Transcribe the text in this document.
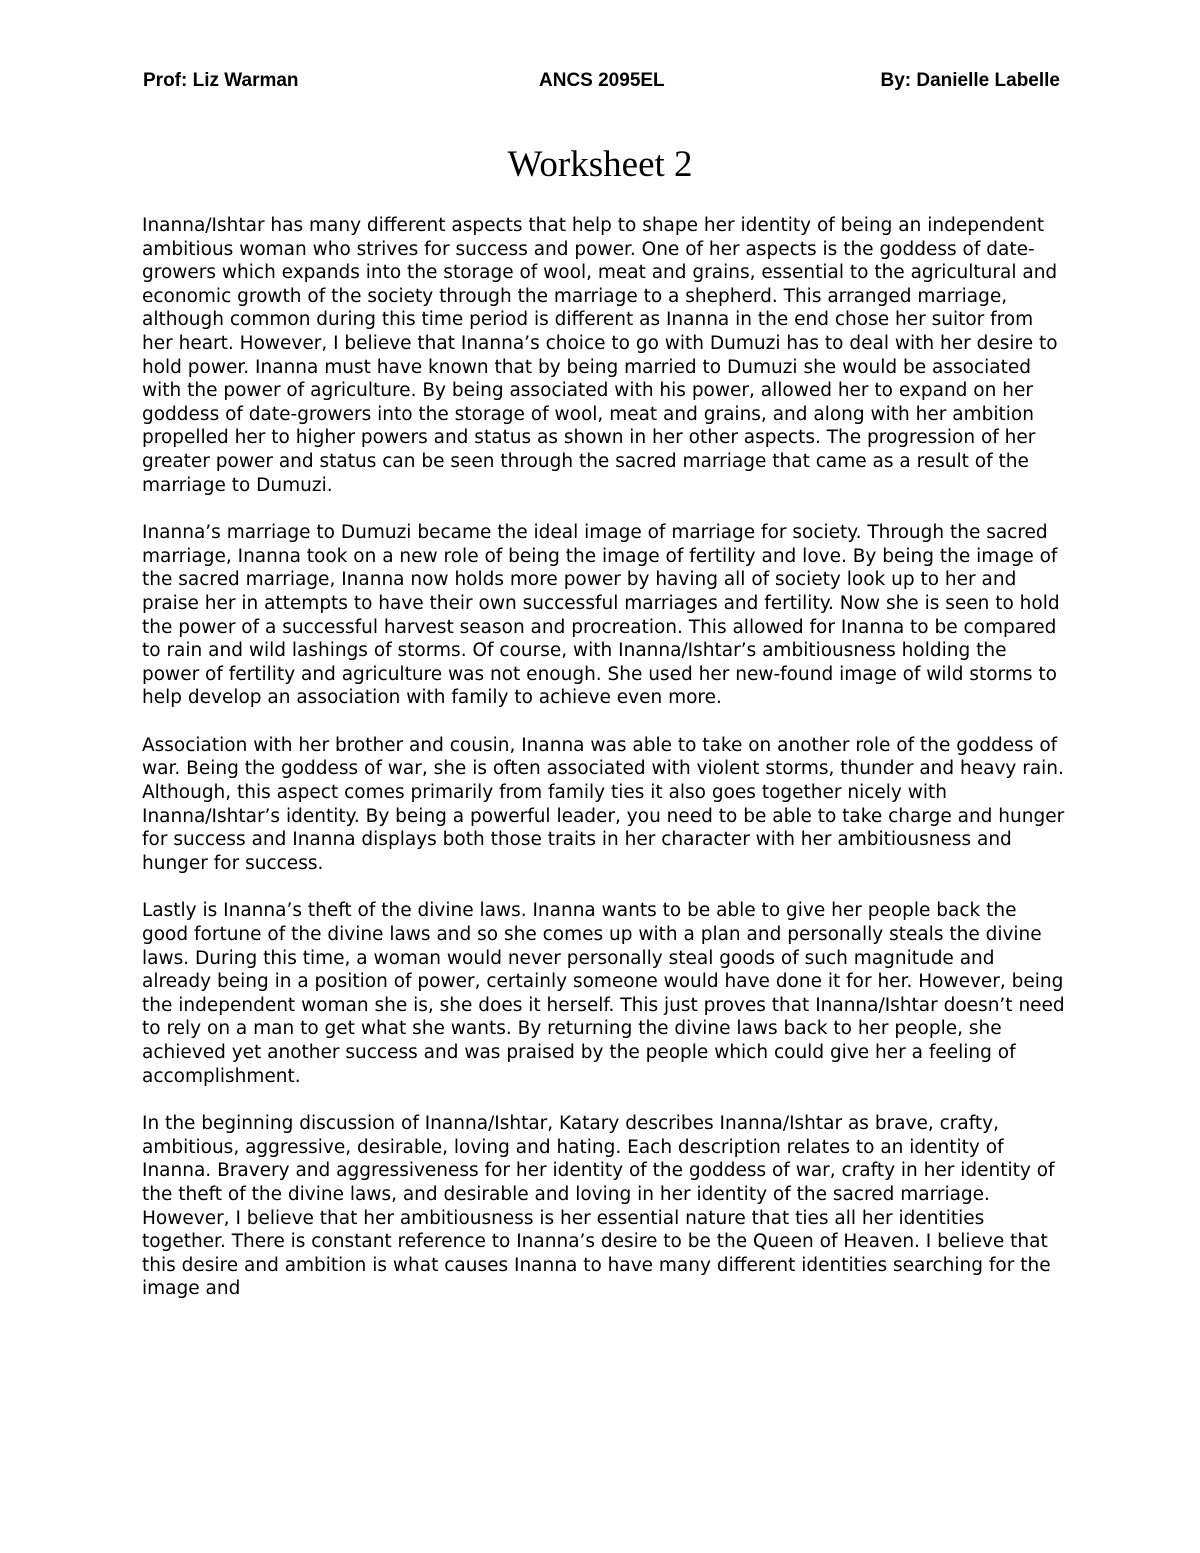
Prof: Liz Warman	ANCS 2095EL	By: Danielle Labelle
Worksheet 2

Inanna/Ishtar has many different aspects that help to shape her identity of being an independent ambitious woman who strives for success and power. One of her aspects is the goddess of date-growers which expands into the storage of wool, meat and grains, essential to the agricultural and economic growth of the society through the marriage to a shepherd. This arranged marriage, although common during this time period is different as Inanna in the end chose her suitor from her heart. However, I believe that Inanna’s choice to go with Dumuzi has to deal with her desire to hold power. Inanna must have known that by being married to Dumuzi she would be associated with the power of agriculture. By being associated with his power, allowed her to expand on her goddess of date-growers into the storage of wool, meat and grains, and along with her ambition propelled her to higher powers and status as shown in her other aspects. The progression of her greater power and status can be seen through the sacred marriage that came as a result of the marriage to Dumuzi.

Inanna’s marriage to Dumuzi became the ideal image of marriage for society. Through the sacred marriage, Inanna took on a new role of being the image of fertility and love. By being the image of the sacred marriage, Inanna now holds more power by having all of society look up to her and praise her in attempts to have their own successful marriages and fertility. Now she is seen to hold the power of a successful harvest season and procreation. This allowed for Inanna to be compared to rain and wild lashings of storms. Of course, with Inanna/Ishtar’s ambitiousness holding the power of fertility and agriculture was not enough. She used her new-found image of wild storms to help develop an association with family to achieve even more.

Association with her brother and cousin, Inanna was able to take on another role of the goddess of war. Being the goddess of war, she is often associated with violent storms, thunder and heavy rain. Although, this aspect comes primarily from family ties it also goes together nicely with Inanna/Ishtar’s identity. By being a powerful leader, you need to be able to take charge and hunger for success and Inanna displays both those traits in her character with her ambitiousness and hunger for success.

Lastly is Inanna’s theft of the divine laws. Inanna wants to be able to give her people back the good fortune of the divine laws and so she comes up with a plan and personally steals the divine laws. During this time, a woman would never personally steal goods of such magnitude and already being in a position of power, certainly someone would have done it for her. However, being the independent woman she is, she does it herself. This just proves that Inanna/Ishtar doesn’t need to rely on a man to get what she wants. By returning the divine laws back to her people, she achieved yet another success and was praised by the people which could give her a feeling of accomplishment.

In the beginning discussion of Inanna/Ishtar, Katary describes Inanna/Ishtar as brave, crafty, ambitious, aggressive, desirable, loving and hating. Each description relates to an identity of Inanna. Bravery and aggressiveness for her identity of the goddess of war, crafty in her identity of the theft of the divine laws, and desirable and loving in her identity of the sacred marriage. However, I believe that her ambitiousness is her essential nature that ties all her identities together. There is constant reference to Inanna’s desire to be the Queen of Heaven. I believe that this desire and ambition is what causes Inanna to have many different identities searching for the image and
